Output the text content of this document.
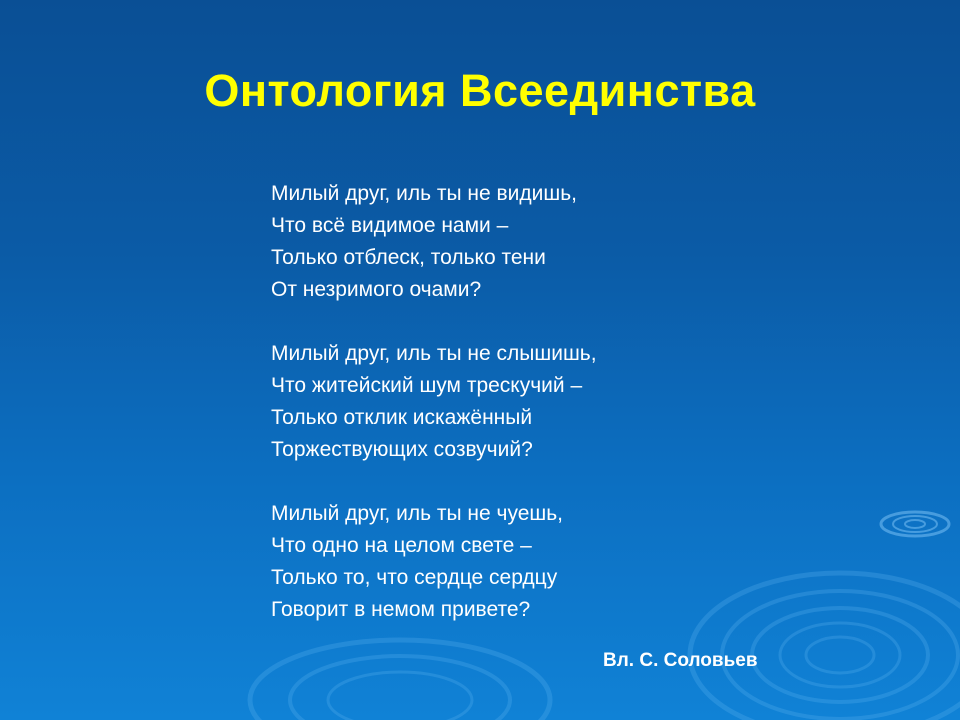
Онтология Всеединства
Милый друг, иль ты не видишь,
Что всё видимое нами –
Только отблеск, только тени
От незримого очами?
Милый друг, иль ты не слышишь,
Что житейский шум трескучий –
Только отклик искажённый
Торжествующих созвучий?
Милый друг, иль ты не чуешь,
Что одно на целом свете –
Только то, что сердце сердцу
Говорит в немом привете?
Вл. С. Соловьев
